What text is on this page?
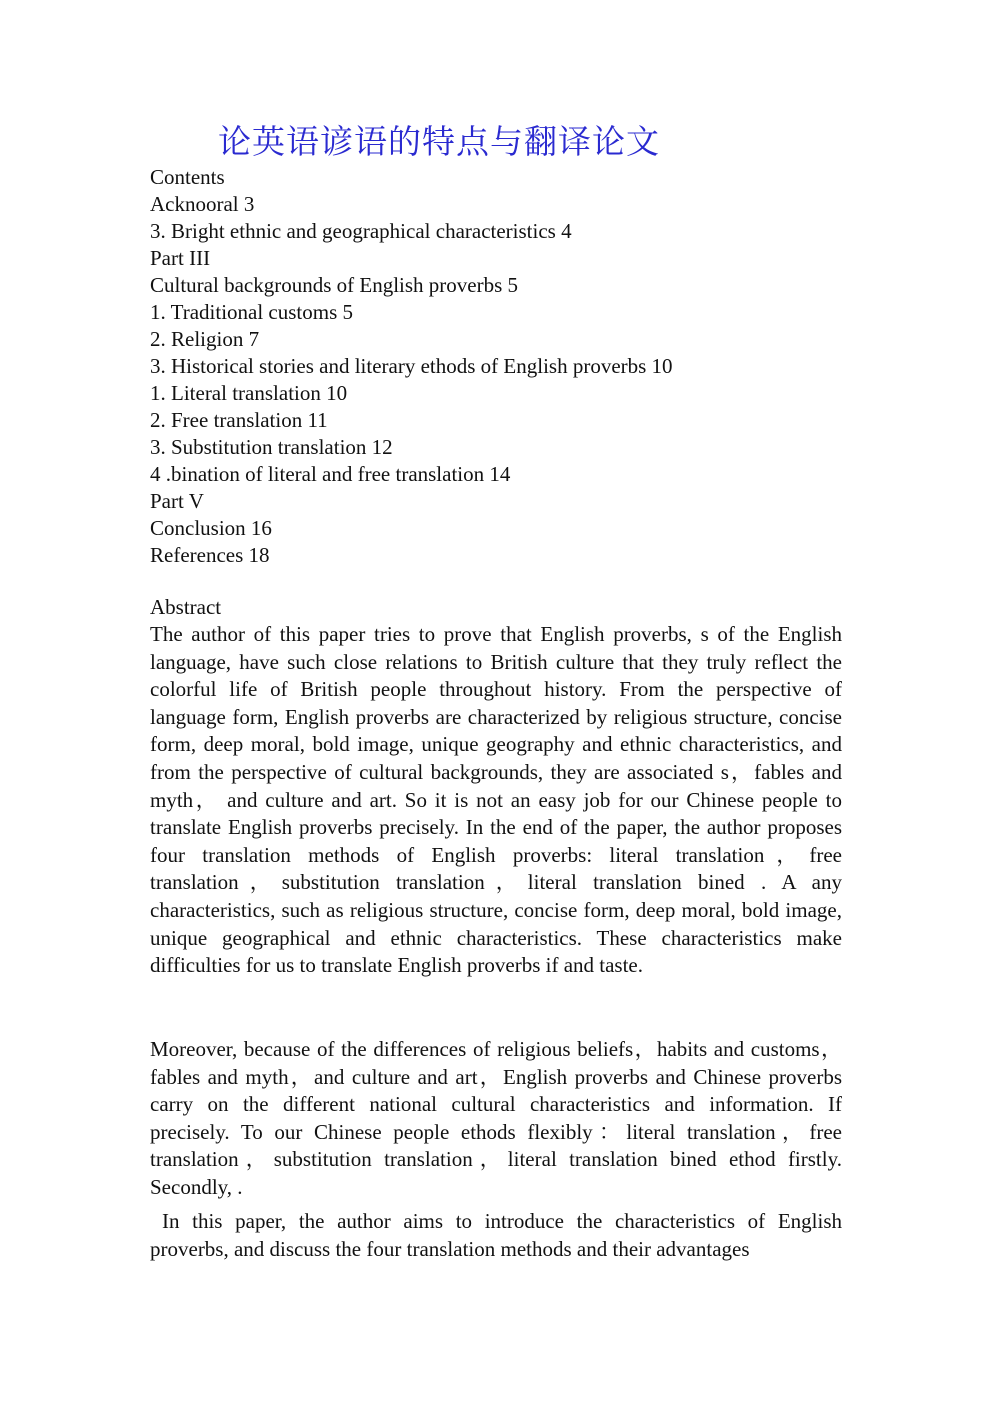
论英语谚语的特点与翻译论文
Contents
Acknooral 3
3. Bright ethnic and geographical characteristics 4
Part III
Cultural backgrounds of English proverbs 5
1. Traditional customs 5
2. Religion 7
3. Historical stories and literary ethods of English proverbs 10
1. Literal translation 10
2. Free translation 11
3. Substitution translation 12
4 .bination of literal and free translation 14
Part V
Conclusion 16
References 18
Abstract

The author of this paper tries to prove that English proverbs, s of the English language, have such close relations to British culture that they truly reflect the colorful life of British people throughout history. From the perspective of language form, English proverbs are characterized by religious structure, concise form, deep moral, bold image, unique geography and ethnic characteristics, and from the perspective of cultural backgrounds, they are associated s，fables and myth， and culture and art. So it is not an easy job for our Chinese people to translate English proverbs precisely. In the end of the paper, the author proposes four translation methods of English proverbs: literal translation，free translation，substitution translation，literal translation bined . A any characteristics, such as religious structure, concise form, deep moral, bold image, unique geographical and ethnic characteristics. These characteristics make difficulties for us to translate English proverbs if and taste.

Moreover, because of the differences of religious beliefs，habits and customs， fables and myth，and culture and art，English proverbs and Chinese proverbs carry on the different national cultural characteristics and information. If precisely. To our Chinese people ethods flexibly：literal translation，free translation，substitution translation，literal translation bined ethod firstly. Secondly, .

In this paper, the author aims to introduce the characteristics of English proverbs, and discuss the four translation methods and their advantages
